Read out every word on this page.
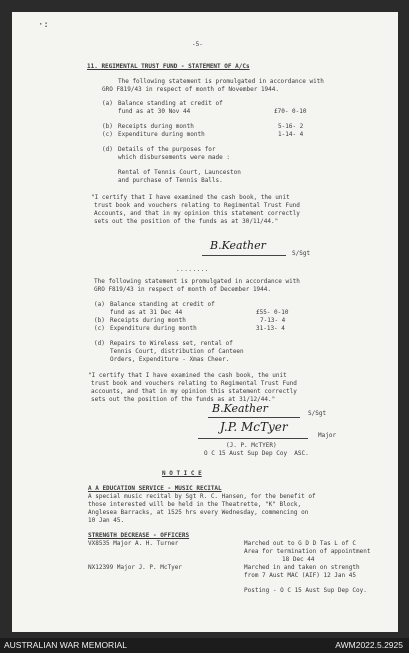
·:
-5-
11. REGIMENTAL TRUST FUND - STATEMENT OF A/Cs
The following statement is promulgated in accordance with
GRO F819/43 in respect of month of November 1944.
(a) Balance standing at credit of
fund as at 30 Nov 44	£70- 0-10
(b) Receipts during month	5-16- 2
(c) Expenditure during month	1-14- 4
(d) Details of the purposes for
which disbursements were made :
Rental of Tennis Court, Launceston
and purchase of Tennis Balls.
"I certify that I have examined the cash book, the unit
trust book and vouchers relating to Regimental Trust Fund
Accounts, and that in my opinion this statement correctly
sets out the position of the funds as at 30/11/44."
B.Keather
S/Sgt
........
The following statement is promulgated in accordance with
GRO F819/43 in respect of month of December 1944.
(a) Balance standing at credit of
fund as at 31 Dec 44	£55- 0-10
(b) Receipts during month	7-13- 4
(c) Expenditure during month	31-13- 4
(d) Repairs to Wireless set, rental of
Tennis Court, distribution of Canteen
Orders, Expenditure - Xmas Cheer.
"I certify that I have examined the cash book, the unit
trust book and vouchers relating to Regimental Trust Fund
accounts, and that in my opinion this statement correctly
sets out the position of the funds as at 31/12/44."
B.Keather	S/Sgt
J.P. McTyer
Major
(J. P. McTYER)
O C 15 Aust Sup Dep Coy  ASC.
N O T I C E
A A EDUCATION SERVICE - MUSIC RECITAL
A special music recital by Sgt R. C. Hansen, for the benefit of
those interested will be held in the Theatrette, "K" Block,
Anglesea Barracks, at 1525 hrs every Wednesday, commencing on
10 Jan 45.
STRENGTH DECREASE - OFFICERS
VX8535 Major A. H. Turner	Marched out to G D D Tas L of C
Area for termination of appointment
18 Dec 44
NX12399 Major J. P. McTyer	Marched in and taken on strength
from 7 Aust MAC (AIF) 12 Jan 45
Posting - O C 15 Aust Sup Dep Coy.
AUSTRALIAN WAR MEMORIAL	AWM2022.5.2925
